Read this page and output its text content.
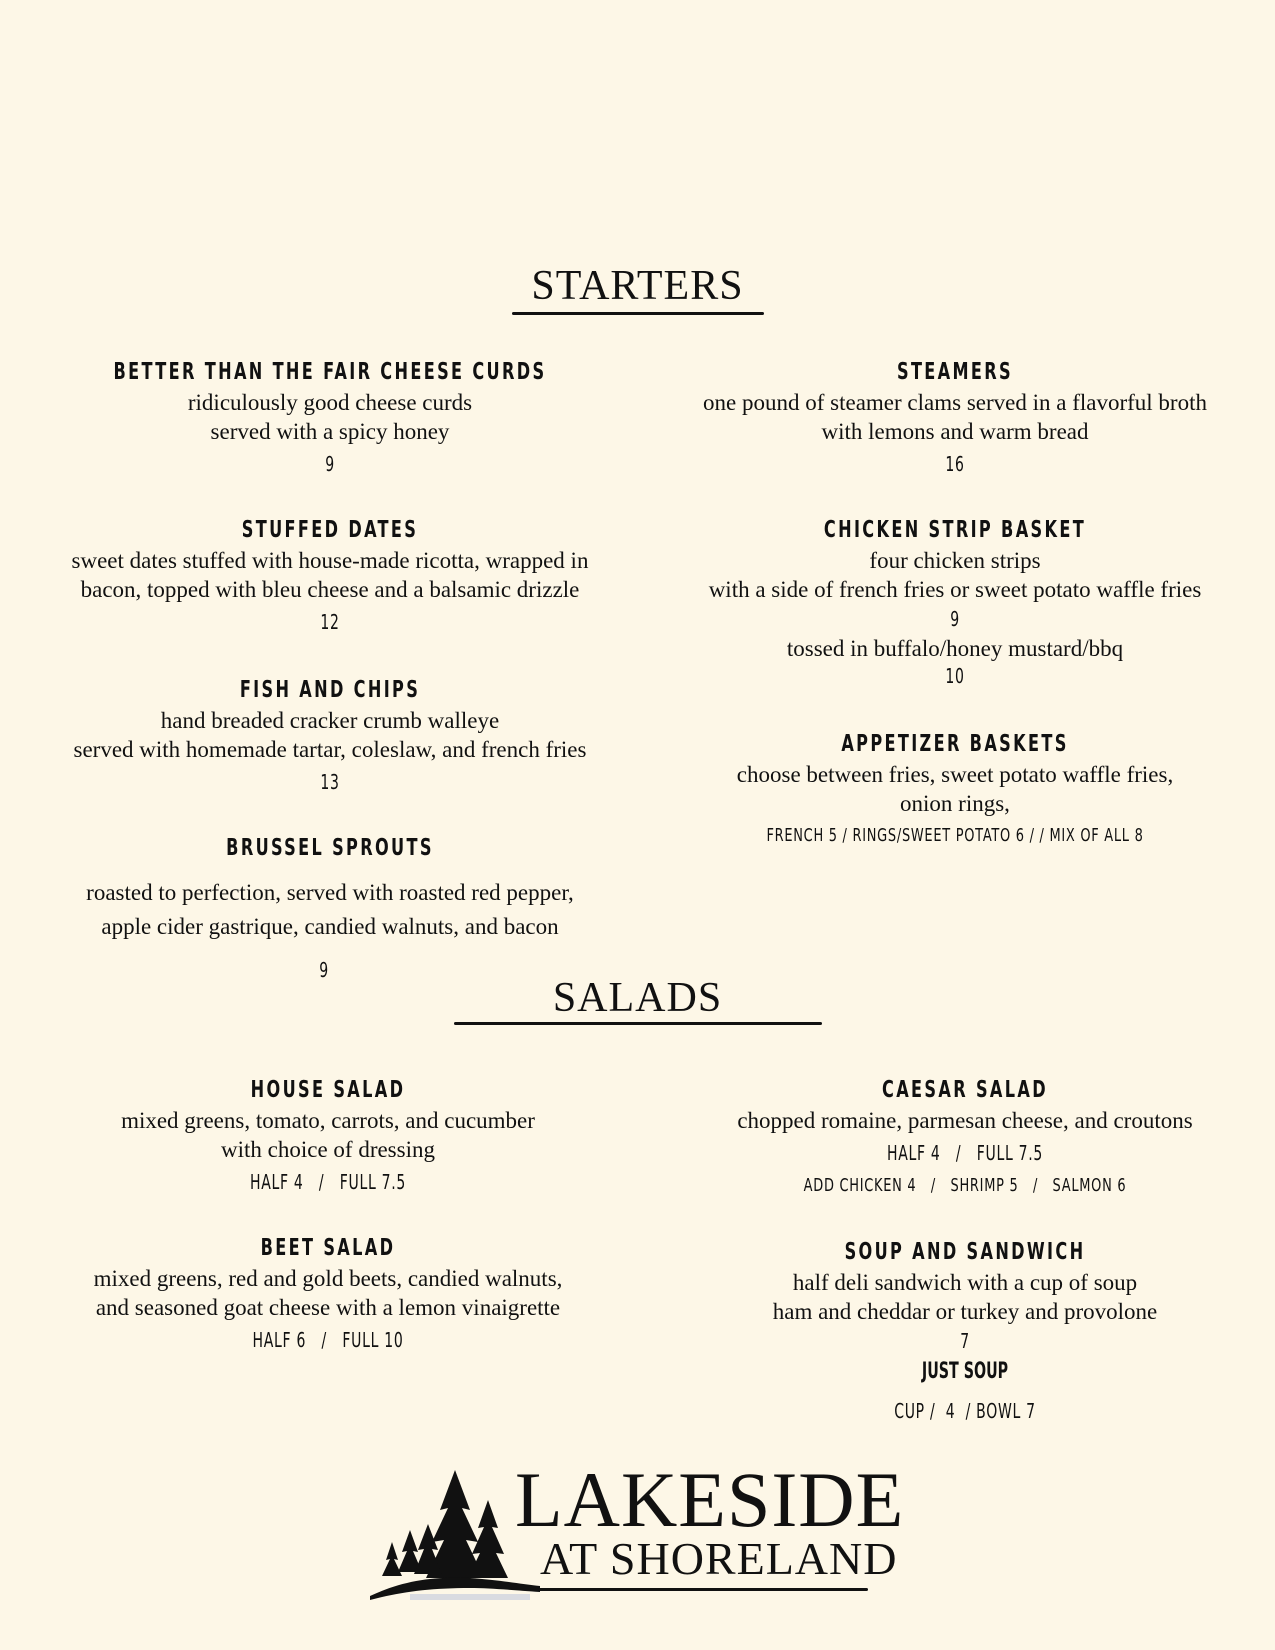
STARTERS
BETTER THAN THE FAIR CHEESE CURDS
ridiculously good cheese curds
served with a spicy honey
9
STUFFED DATES
sweet dates stuffed with house-made ricotta, wrapped in
bacon, topped with bleu cheese and a balsamic drizzle
12
FISH AND CHIPS
hand breaded cracker crumb walleye
served with homemade tartar, coleslaw, and french fries
13
BRUSSEL SPROUTS
roasted to perfection, served with roasted red pepper,
apple cider gastrique, candied walnuts, and bacon
9
STEAMERS
one pound of steamer clams served in a flavorful broth
with lemons and warm bread
16
CHICKEN STRIP BASKET
four chicken strips
with a side of french fries or sweet potato waffle fries
9
tossed in buffalo/honey mustard/bbq
10
APPETIZER BASKETS
choose between fries, sweet potato waffle fries,
onion rings,
FRENCH 5 / RINGS/SWEET POTATO 6 / / MIX OF ALL 8
SALADS
HOUSE SALAD
mixed greens, tomato, carrots, and cucumber
with choice of dressing
HALF 4   /   FULL 7.5
BEET SALAD
mixed greens, red and gold beets, candied walnuts,
and seasoned goat cheese with a lemon vinaigrette
HALF 6   /   FULL 10
CAESAR SALAD
chopped romaine, parmesan cheese, and croutons
HALF 4   /   FULL 7.5
ADD CHICKEN 4   /   SHRIMP 5   /   SALMON 6
SOUP AND SANDWICH
half deli sandwich with a cup of soup
ham and cheddar or turkey and provolone
7
JUST SOUP
CUP /  4  / BOWL 7
LAKESIDE
AT SHORELAND
